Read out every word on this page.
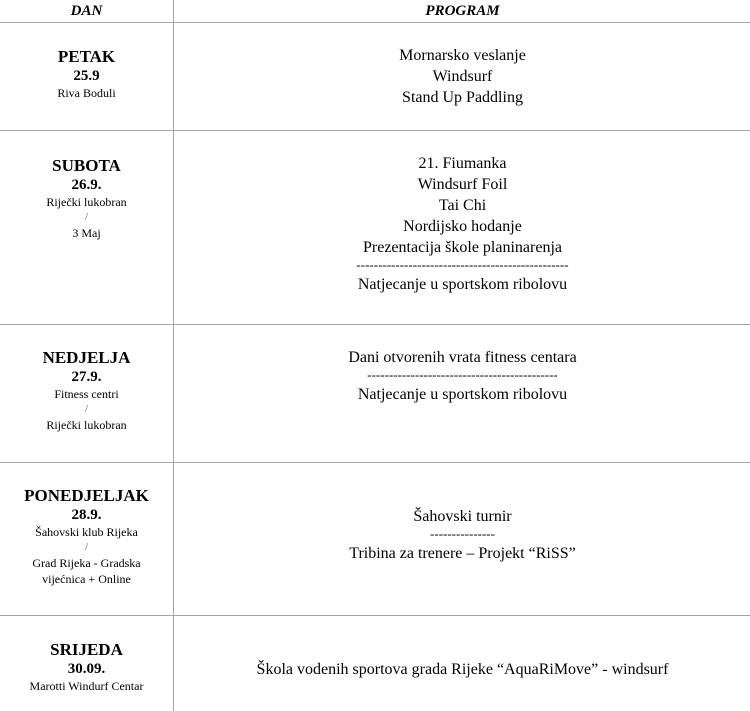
DAN	PROGRAM
PETAK
25.9
Riva Boduli
Mornarsko veslanje
Windsurf
Stand Up Paddling
SUBOTA
26.9.
Riječki lukobran
/
3 Maj
21. Fiumanka
Windsurf Foil
Tai Chi
Nordijsko hodanje
Prezentacija škole planinarenja
-------------------------------------------------
Natjecanje u sportskom ribolovu
NEDJELJA
27.9.
Fitness centri
/
Riječki lukobran
Dani otvorenih vrata fitness centara
--------------------------------------------
Natjecanje u sportskom ribolovu
PONEDJELJAK
28.9.
Šahovski klub Rijeka
/
Grad Rijeka - Gradska
vijećnica + Online
Šahovski turnir
---------------
Tribina za trenere – Projekt “RiSS”
SRIJEDA
30.09.
Marotti Windurf Centar
Škola vodenih sportova grada Rijeke “AquaRiMove” - windsurf
